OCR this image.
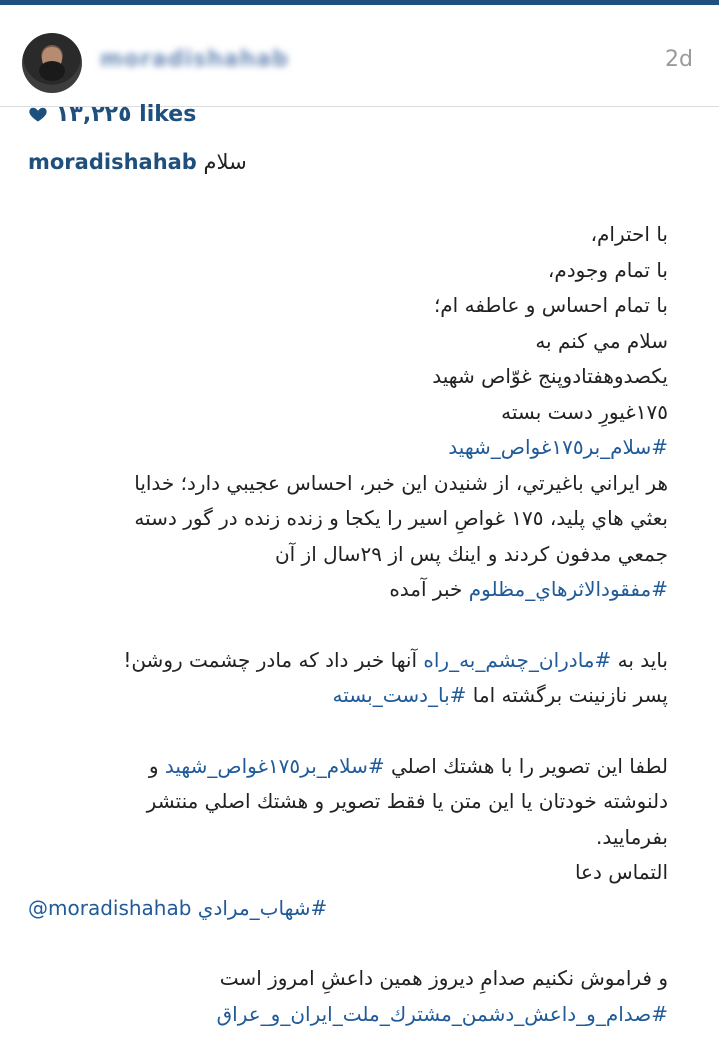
moradishahab	2d
١٣,٢٢٥ likes
moradishahab سلام
با احترام،
با تمام وجودم،
با تمام احساس و عاطفه ام؛
سلام مي كنم به
يكصدوهفتادوپنج غوّاص شهيد
١٧٥غيورِ دست بسته
#سلام_بر١٧٥غواص_شهيد
هر ايراني باغيرتي، از شنيدن اين خبر، احساس عجيبي دارد؛ خدايا
بعثي هاي پليد، ١٧٥ غواصِ اسير را يكجا و زنده زنده در گور دسته
جمعي مدفون كردند و اينك پس از ٢٩سال از آن
#مفقودالاثرهاي_مظلوم خبر آمده
بايد به #مادران_چشم_به_راه آنها خبر داد كه مادر چشمت روشن!
پسر نازنينت برگشته اما #با_دست_بسته
لطفا اين تصوير را با هشتك اصلي #سلام_بر١٧٥غواص_شهيد و
دلنوشته خودتان يا اين متن يا فقط تصوير و هشتك اصلي منتشر
بفرماييد.
التماس دعا
@moradishahab #شهاب_مرادي
و فراموش نكنيم صدامِ ديروز همين داعشِ امروز است
#صدام_و_داعش_دشمن_مشترك_ملت_ايران_و_عراق
